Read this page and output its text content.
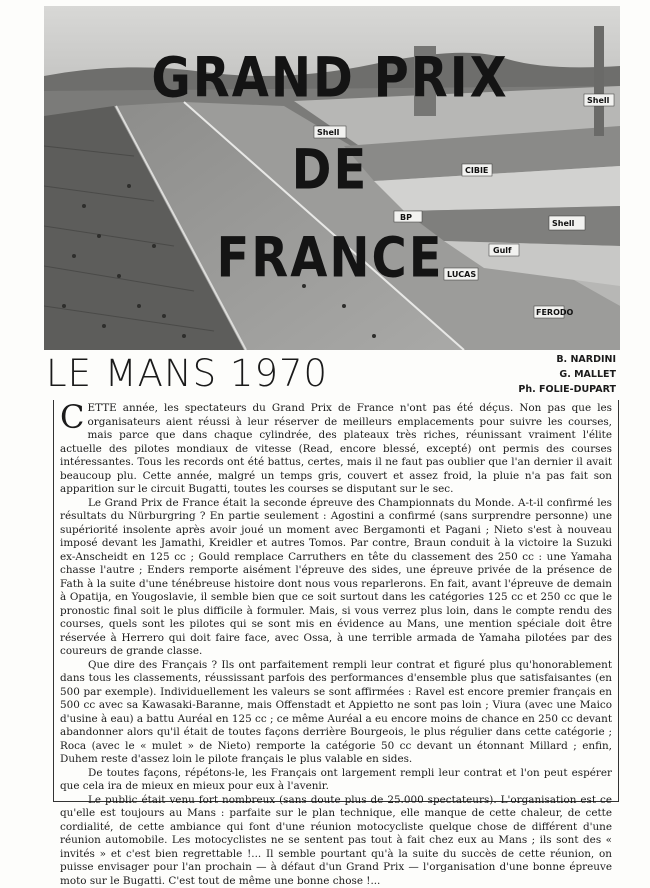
CIBIE
Shell
Gulf
LUCAS
FERODO
Shell
Shell
BP
GRAND PRIX
DE
FRANCE
LE MANS 1970	B. NARDINI
G. MALLET
Ph. FOLIE-DUPART

CETTE année, les spectateurs du Grand Prix de France n'ont pas été déçus. Non pas que les organisateurs aient réussi à leur réserver de meilleurs emplacements pour suivre les courses, mais parce que dans chaque cylindrée, des plateaux très riches, réunissant vraiment l'élite actuelle des pilotes mondiaux de vitesse (Read, encore blessé, excepté) ont permis des courses intéressantes. Tous les records ont été battus, certes, mais il ne faut pas oublier que l'an dernier il avait beaucoup plu. Cette année, malgré un temps gris, couvert et assez froid, la pluie n'a pas fait son apparition sur le circuit Bugatti, toutes les courses se disputant sur le sec.

Le Grand Prix de France était la seconde épreuve des Championnats du Monde. A-t-il confirmé les résultats du Nürburgring ? En partie seulement : Agostini a confirmé (sans surprendre personne) une supériorité insolente après avoir joué un moment avec Bergamonti et Pagani ; Nieto s'est à nouveau imposé devant les Jamathi, Kreidler et autres Tomos. Par contre, Braun conduit à la victoire la Suzuki ex-Anscheidt en 125 cc ; Gould remplace Carruthers en tête du classement des 250 cc : une Yamaha chasse l'autre ; Enders remporte aisément l'épreuve des sides, une épreuve privée de la présence de Fath à la suite d'une ténébreuse histoire dont nous vous reparlerons. En fait, avant l'épreuve de demain à Opatija, en Yougoslavie, il semble bien que ce soit surtout dans les catégories 125 cc et 250 cc que le pronostic final soit le plus difficile à formuler. Mais, si vous verrez plus loin, dans le compte rendu des courses, quels sont les pilotes qui se sont mis en évidence au Mans, une mention spéciale doit être réservée à Herrero qui doit faire face, avec Ossa, à une terrible armada de Yamaha pilotées par des coureurs de grande classe.

Que dire des Français ? Ils ont parfaitement rempli leur contrat et figuré plus qu'honorablement dans tous les classements, réussissant parfois des performances d'ensemble plus que satisfaisantes (en 500 par exemple). Individuellement les valeurs se sont affirmées : Ravel est encore premier français en 500 cc avec sa Kawasaki-Baranne, mais Offenstadt et Appietto ne sont pas loin ; Viura (avec une Maico d'usine à eau) a battu Auréal en 125 cc ; ce même Auréal a eu encore moins de chance en 250 cc devant abandonner alors qu'il était de toutes façons derrière Bourgeois, le plus régulier dans cette catégorie ; Roca (avec le « mulet » de Nieto) remporte la catégorie 50 cc devant un étonnant Millard ; enfin, Duhem reste d'assez loin le pilote français le plus valable en sides.

De toutes façons, répétons-le, les Français ont largement rempli leur contrat et l'on peut espérer que cela ira de mieux en mieux pour eux à l'avenir.

Le public était venu fort nombreux (sans doute plus de 25.000 spectateurs). L'organisation est ce qu'elle est toujours au Mans : parfaite sur le plan technique, elle manque de cette chaleur, de cette cordialité, de cette ambiance qui font d'une réunion motocycliste quelque chose de différent d'une réunion automobile. Les motocyclistes ne se sentent pas tout à fait chez eux au Mans ; ils sont des « invités » et c'est bien regrettable !... Il semble pourtant qu'à la suite du succès de cette réunion, on puisse envisager pour l'an prochain — à défaut d'un Grand Prix — l'organisation d'une bonne épreuve moto sur le Bugatti. C'est tout de même une bonne chose !...
